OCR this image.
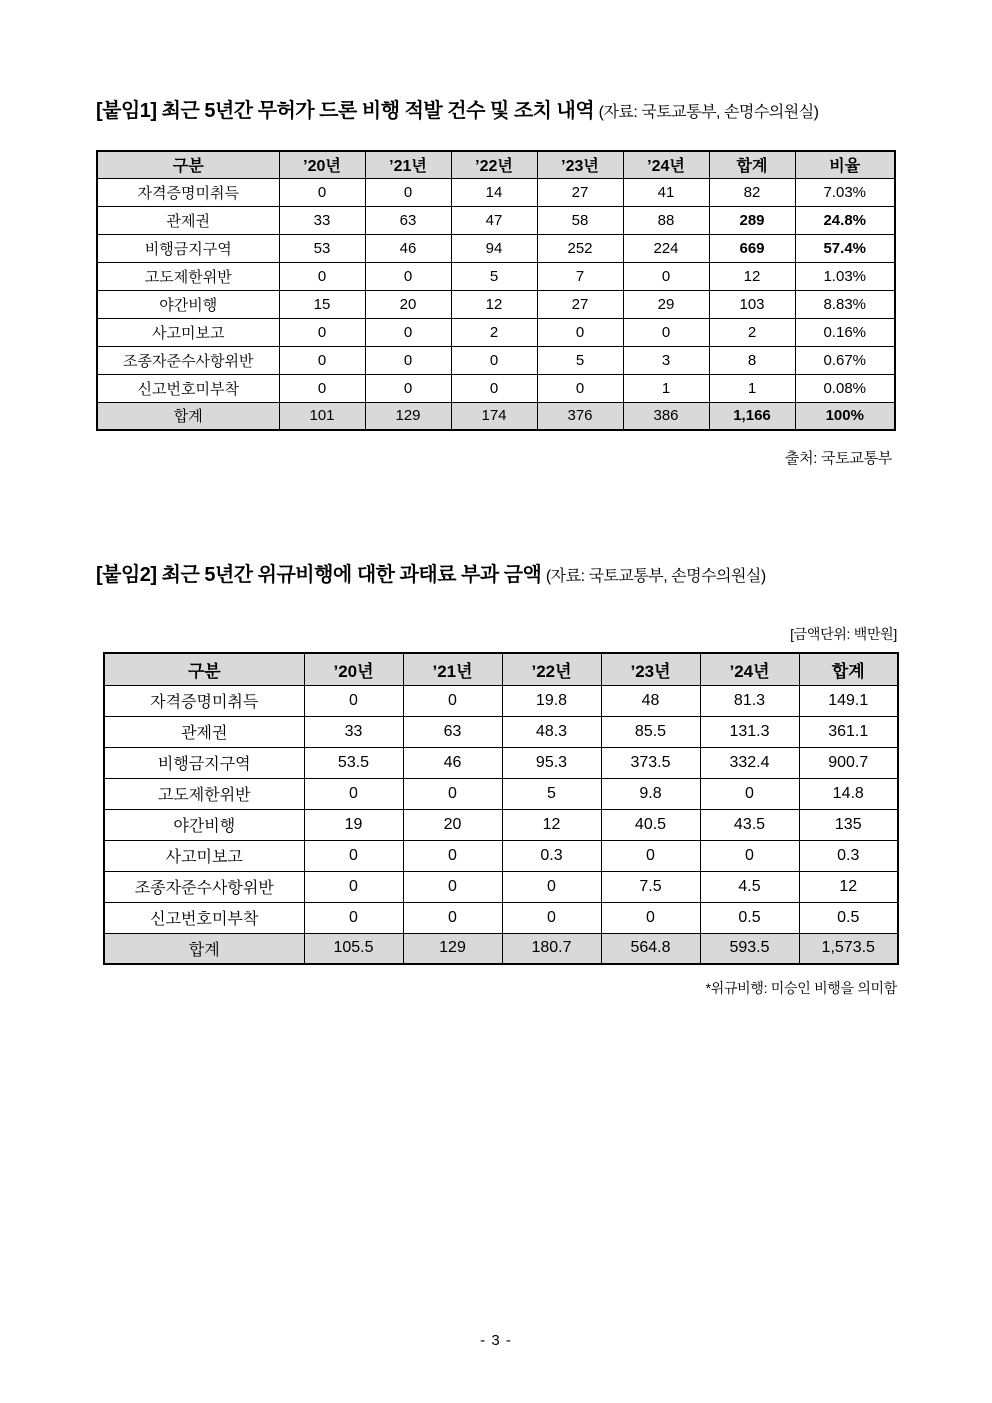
[붙임1] 최근 5년간 무허가 드론 비행 적발 건수 및 조치 내역 (자료: 국토교통부, 손명수의원실)
구분	’20년	’21년	’22년	’23년	’24년	합계	비율
자격증명미취득	0	0	14	27	41	82	7.03%
관제권	33	63	47	58	88	289	24.8%
비행금지구역	53	46	94	252	224	669	57.4%
고도제한위반	0	0	5	7	0	12	1.03%
야간비행	15	20	12	27	29	103	8.83%
사고미보고	0	0	2	0	0	2	0.16%
조종자준수사항위반	0	0	0	5	3	8	0.67%
신고번호미부착	0	0	0	0	1	1	0.08%
합계	101	129	174	376	386	1,166	100%
출처: 국토교통부
[붙임2] 최근 5년간 위규비행에 대한 과태료 부과 금액 (자료: 국토교통부, 손명수의원실)
[금액단위: 백만원]
구분	’20년	’21년	’22년	’23년	’24년	합계
자격증명미취득	0	0	19.8	48	81.3	149.1
관제권	33	63	48.3	85.5	131.3	361.1
비행금지구역	53.5	46	95.3	373.5	332.4	900.7
고도제한위반	0	0	5	9.8	0	14.8
야간비행	19	20	12	40.5	43.5	135
사고미보고	0	0	0.3	0	0	0.3
조종자준수사항위반	0	0	0	7.5	4.5	12
신고번호미부착	0	0	0	0	0.5	0.5
합계	105.5	129	180.7	564.8	593.5	1,573.5
*위규비행: 미승인 비행을 의미함
- 3 -
